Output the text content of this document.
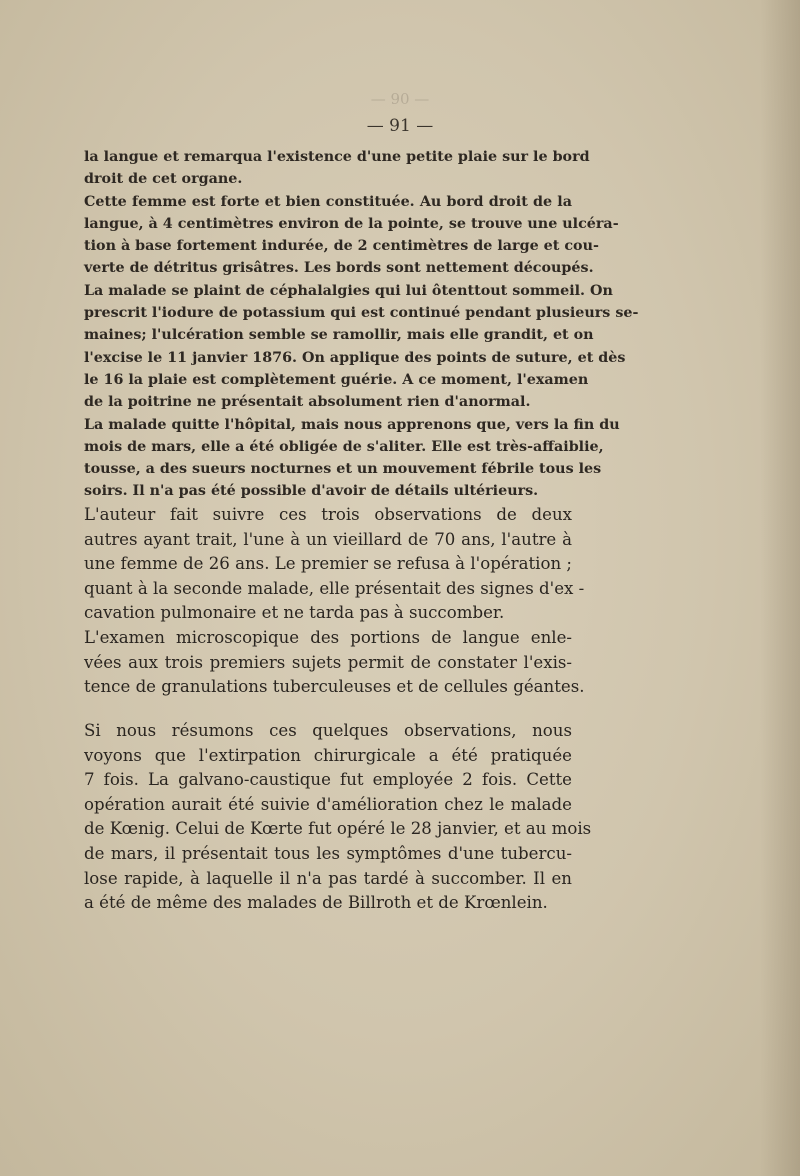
— 90 —
— 91 —
la langue et remarqua l'existence d'une petite plaie sur le bord
droit de cet organe.
Cette femme est forte et bien constituée. Au bord droit de la
langue, à 4 centimètres environ de la pointe, se trouve une ulcéra-
tion à base fortement indurée, de 2 centimètres de large et cou-
verte de détritus grisâtres. Les bords sont nettement découpés.
La malade se plaint de céphalalgies qui lui ôtenttout sommeil. On
prescrit l'iodure de potassium qui est continué pendant plusieurs se-
maines; l'ulcération semble se ramollir, mais elle grandit, et on
l'excise le 11 janvier 1876. On applique des points de suture, et dès
le 16 la plaie est complètement guérie. A ce moment, l'examen
de la poitrine ne présentait absolument rien d'anormal.
La malade quitte l'hôpital, mais nous apprenons que, vers la fin du
mois de mars, elle a été obligée de s'aliter. Elle est très-affaiblie,
tousse, a des sueurs nocturnes et un mouvement fébrile tous les
soirs. Il n'a pas été possible d'avoir de détails ultérieurs.
L'auteur fait suivre ces trois observations de deux
autres ayant trait, l'une à un vieillard de 70 ans, l'autre à
une femme de 26 ans. Le premier se refusa à l'opération ;
quant à la seconde malade, elle présentait des signes d'ex -
cavation pulmonaire et ne tarda pas à succomber.
L'examen microscopique des portions de langue enle-
vées aux trois premiers sujets permit de constater l'exis-
tence de granulations tuberculeuses et de cellules géantes.
Si nous résumons ces quelques observations, nous
voyons que l'extirpation chirurgicale a été pratiquée
7 fois. La galvano-caustique fut employée 2 fois. Cette
opération aurait été suivie d'amélioration chez le malade
de Kœnig. Celui de Kœrte fut opéré le 28 janvier, et au mois
de mars, il présentait tous les symptômes d'une tubercu-
lose rapide, à laquelle il n'a pas tardé à succomber. Il en
a été de même des malades de Billroth et de Krœnlein.
